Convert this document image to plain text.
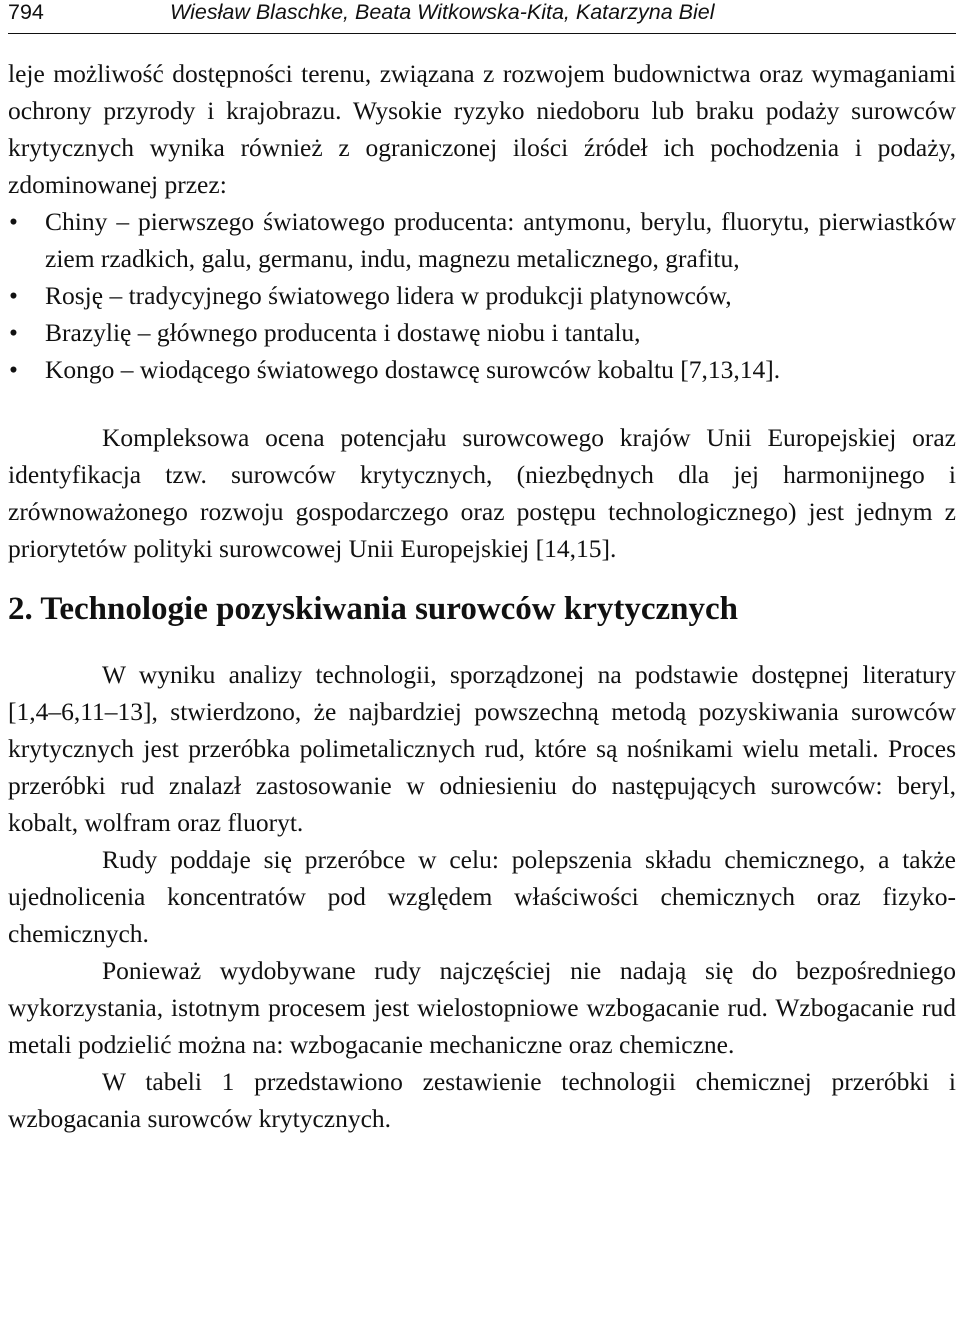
794	Wiesław Blaschke, Beata Witkowska-Kita, Katarzyna Biel

leje możliwość dostępności terenu, związana z rozwojem budownictwa oraz wymaganiami ochrony przyrody i krajobrazu. Wysokie ryzyko niedoboru lub braku podaży surowców krytycznych wynika również z ograniczonej ilości źródeł ich pochodzenia i podaży, zdominowanej przez:

• Chiny – pierwszego światowego producenta: antymonu, berylu, fluorytu, pierwiastków ziem rzadkich, galu, germanu, indu, magnezu metalicznego, grafitu,
• Rosję – tradycyjnego światowego lidera w produkcji platynowców,
• Brazylię – głównego producenta i dostawę niobu i tantalu,
• Kongo – wiodącego światowego dostawcę surowców kobaltu [7,13,14].

Kompleksowa ocena potencjału surowcowego krajów Unii Europejskiej oraz identyfikacja tzw. surowców krytycznych, (niezbędnych dla jej harmonijnego i zrównoważonego rozwoju gospodarczego oraz postępu technologicznego) jest jednym z priorytetów polityki surowcowej Unii Europejskiej [14,15].

2. Technologie pozyskiwania surowców krytycznych

W wyniku analizy technologii, sporządzonej na podstawie dostępnej literatury [1,4–6,11–13], stwierdzono, że najbardziej powszechną metodą pozyskiwania surowców krytycznych jest przeróbka polimetalicznych rud, które są nośnikami wielu metali. Proces przeróbki rud znalazł zastosowanie w odniesieniu do następujących surowców: beryl, kobalt, wolfram oraz fluoryt.

Rudy poddaje się przeróbce w celu: polepszenia składu chemicznego, a także ujednolicenia koncentratów pod względem właściwości chemicznych oraz fizyko-chemicznych.

Ponieważ wydobywane rudy najczęściej nie nadają się do bezpośredniego wykorzystania, istotnym procesem jest wielostopniowe wzbogacanie rud. Wzbogacanie rud metali podzielić można na: wzbogacanie mechaniczne oraz chemiczne.

W tabeli 1 przedstawiono zestawienie technologii chemicznej przeróbki i wzbogacania surowców krytycznych.
